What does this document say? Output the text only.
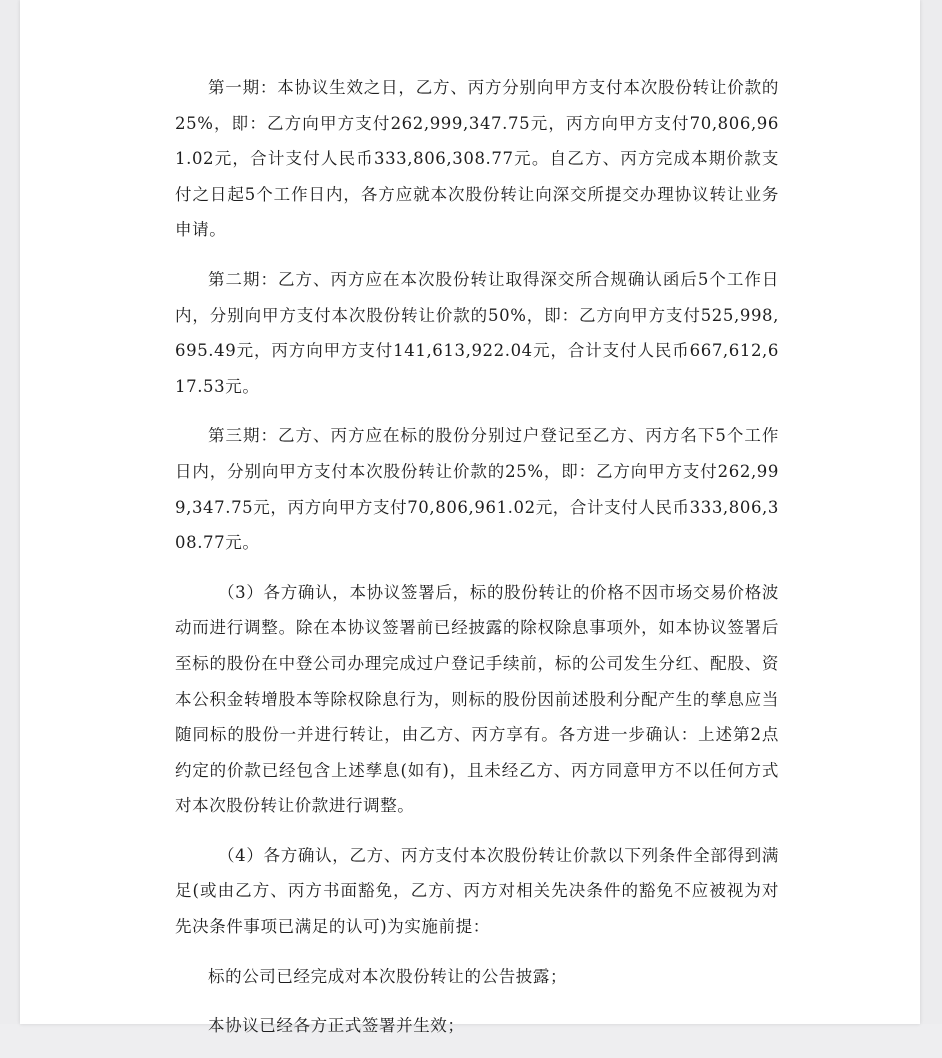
第一期：本协议生效之日，乙方、丙方分别向甲方支付本次股份转让价款的25%，即：乙方向甲方支付262,999,347.75元，丙方向甲方支付70,806,961.02元，合计支付人民币333,806,308.77元。自乙方、丙方完成本期价款支付之日起5个工作日内，各方应就本次股份转让向深交所提交办理协议转让业务申请。

第二期：乙方、丙方应在本次股份转让取得深交所合规确认函后5个工作日内，分别向甲方支付本次股份转让价款的50%，即：乙方向甲方支付525,998,695.49元，丙方向甲方支付141,613,922.04元，合计支付人民币667,612,617.53元。

第三期：乙方、丙方应在标的股份分别过户登记至乙方、丙方名下5个工作日内，分别向甲方支付本次股份转让价款的25%，即：乙方向甲方支付262,999,347.75元，丙方向甲方支付70,806,961.02元，合计支付人民币333,806,308.77元。

（3）各方确认，本协议签署后，标的股份转让的价格不因市场交易价格波动而进行调整。除在本协议签署前已经披露的除权除息事项外，如本协议签署后至标的股份在中登公司办理完成过户登记手续前，标的公司发生分红、配股、资本公积金转增股本等除权除息行为，则标的股份因前述股利分配产生的孳息应当随同标的股份一并进行转让，由乙方、丙方享有。各方进一步确认：上述第2点约定的价款已经包含上述孳息(如有)，且未经乙方、丙方同意甲方不以任何方式对本次股份转让价款进行调整。

（4）各方确认，乙方、丙方支付本次股份转让价款以下列条件全部得到满足(或由乙方、丙方书面豁免，乙方、丙方对相关先决条件的豁免不应被视为对先决条件事项已满足的认可)为实施前提：

标的公司已经完成对本次股份转让的公告披露；

本协议已经各方正式签署并生效；
